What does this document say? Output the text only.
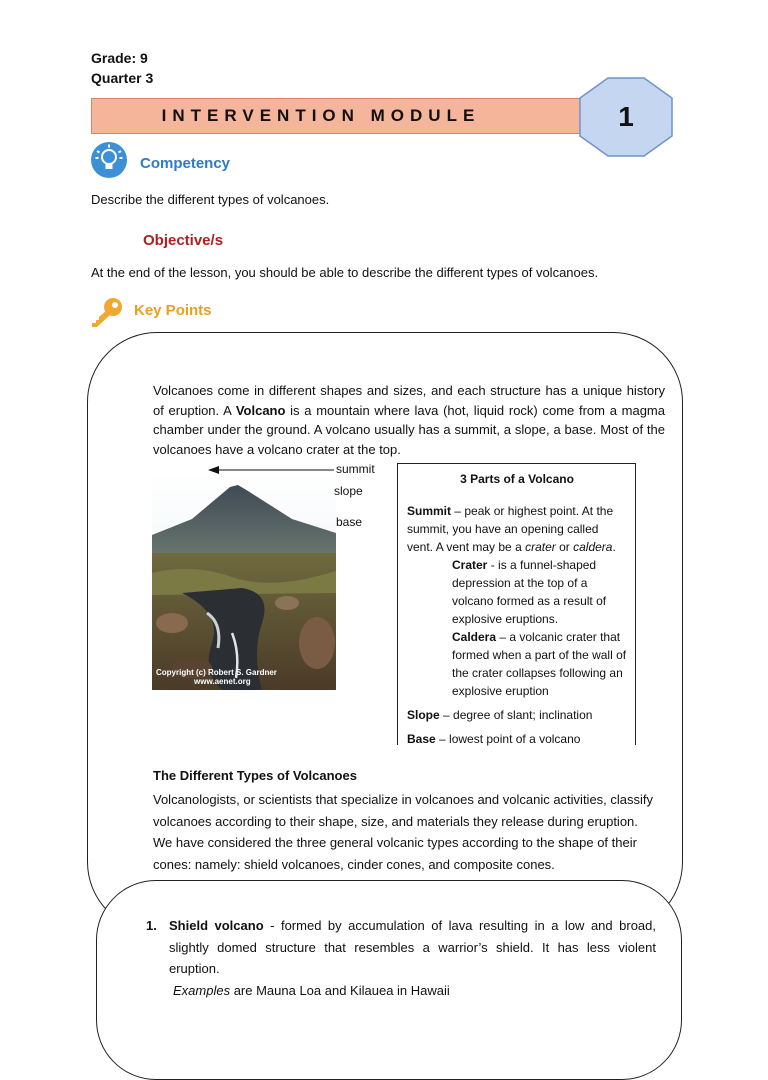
Grade: 9
Quarter 3
INTERVENTION MODULE	1
Competency
Describe the different types of volcanoes.
Objective/s
At the end of the lesson, you should be able to describe the different types of volcanoes.
Key Points
Volcanoes come in different shapes and sizes, and each structure has a unique history of eruption. A Volcano is a mountain where lava (hot, liquid rock) come from a magma chamber under the ground. A volcano usually has a summit, a slope, a base. Most of the volcanoes have a volcano crater at the top.
Copyright (c) Robert S. Gardner
www.aenet.org
summit
slope
base
3 Parts of a Volcano

Summit – peak or highest point. At the summit, you have an opening called vent. A vent may be a crater or caldera.

Crater - is a funnel-shaped depression at the top of a volcano formed as a result of explosive eruptions.

Caldera – a volcanic crater that formed when a part of the wall of the crater collapses following an explosive eruption

Slope – degree of slant; inclination

Base – lowest point of a volcano

The Different Types of Volcanoes
Volcanologists, or scientists that specialize in volcanoes and volcanic activities, classify volcanoes according to their shape, size, and materials they release during eruption. We have considered the three general volcanic types according to the shape of their cones: namely: shield volcanoes, cinder cones, and composite cones.
1. Shield volcano - formed by accumulation of lava resulting in a low and broad, slightly domed structure that resembles a warrior’s shield. It has less violent eruption.
Examples are Mauna Loa and Kilauea in Hawaii
